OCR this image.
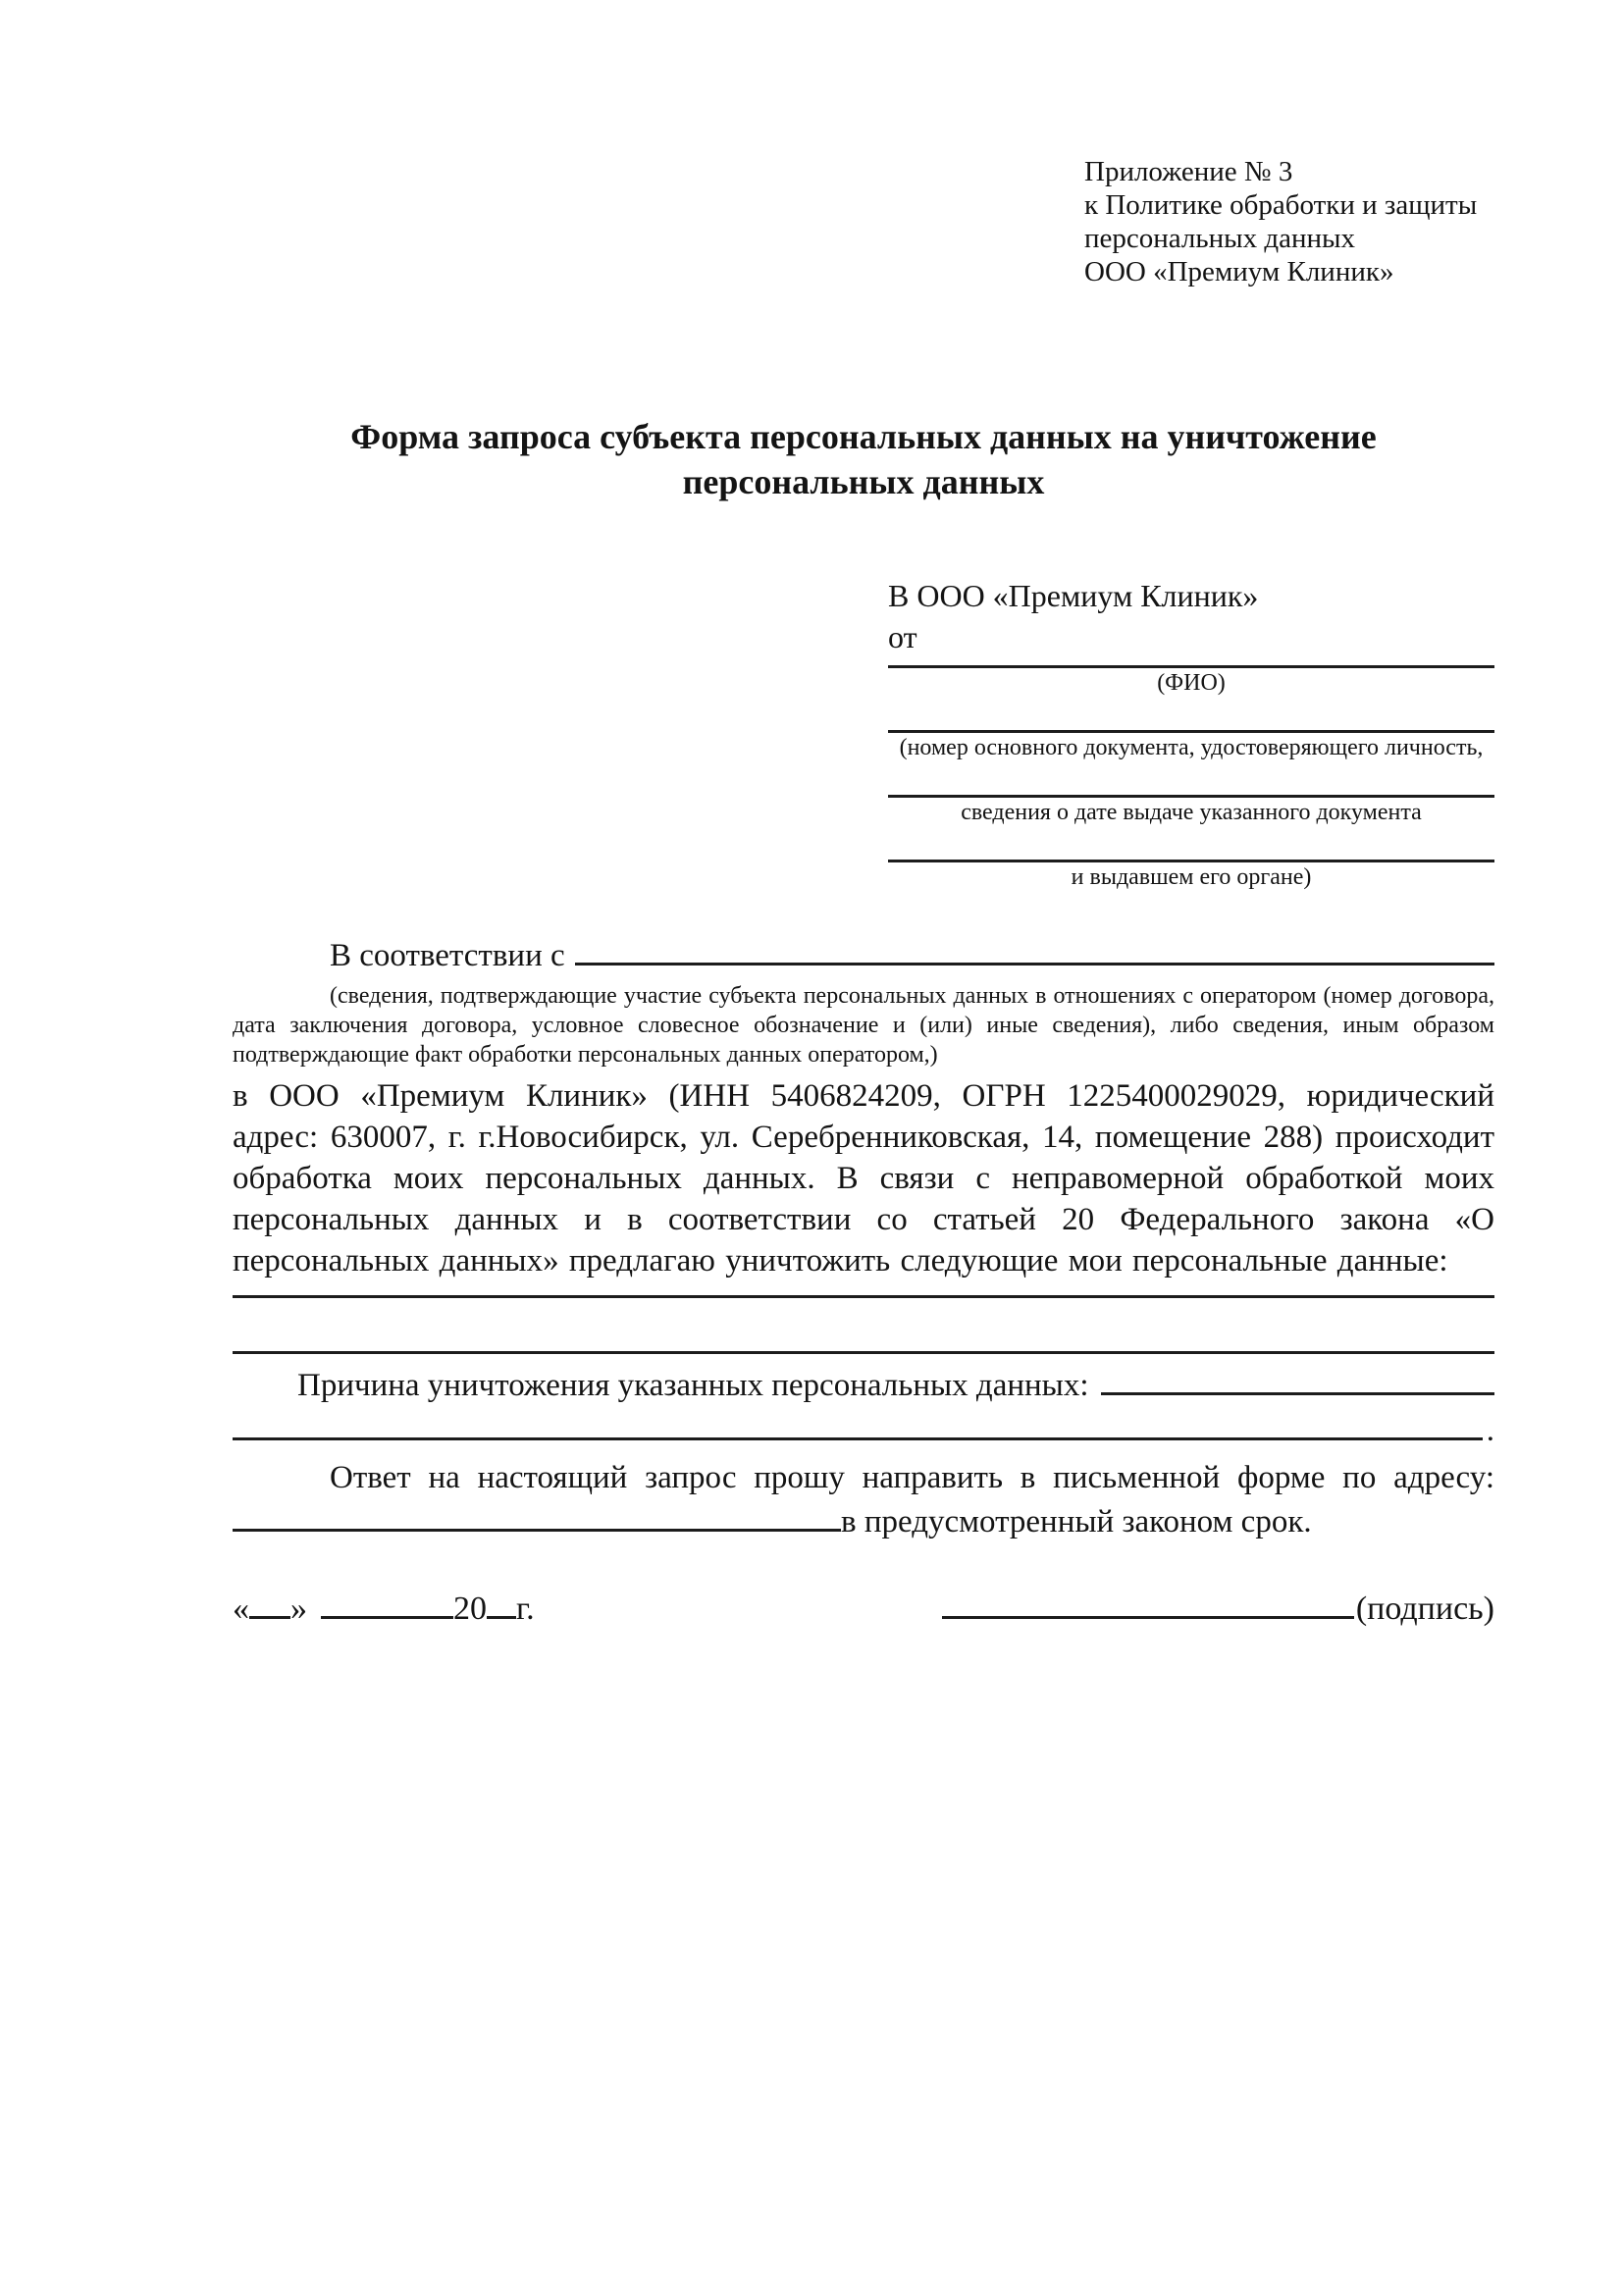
Приложение № 3
к Политике обработки и защиты
персональных данных
ООО «Премиум Клиник»
Форма запроса субъекта персональных данных на уничтожение персональных данных
В ООО «Премиум Клиник»
от
(ФИО)
(номер основного документа, удостоверяющего личность,
сведения о дате выдаче указанного документа
и выдавшем его органе)
В соответствии с

(сведения, подтверждающие участие субъекта персональных данных в отношениях с оператором (номер договора, дата заключения договора, условное словесное обозначение и (или) иные сведения), либо сведения, иным образом подтверждающие факт обработки персональных данных оператором,)

в ООО «Премиум Клиник» (ИНН 5406824209, ОГРН 1225400029029, юридический адрес: 630007, г. г.Новосибирск, ул. Серебренниковская, 14, помещение 288) происходит обработка моих персональных данных. В связи с неправомерной обработкой моих персональных данных и в соответствии со статьей 20 Федерального закона «О персональных данных» предлагаю уничтожить следующие мои персональные данные:

Причина уничтожения указанных персональных данных:
.

Ответ на настоящий запрос прошу направить в письменной форме по адресу:

в предусмотренный законом срок.
« »	20 г.	(подпись)
